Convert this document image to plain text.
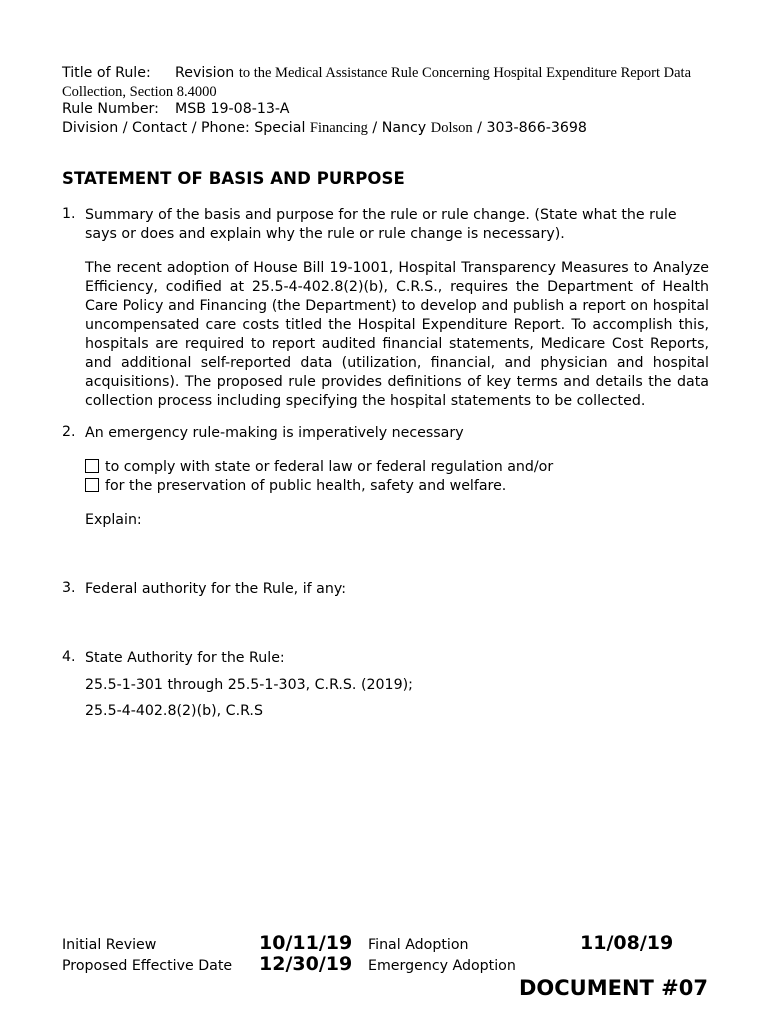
Title of Rule: Revision to the Medical Assistance Rule Concerning Hospital Expenditure Report Data
Collection, Section 8.4000
Rule Number: MSB 19-08-13-A
Division / Contact / Phone: Special Financing / Nancy Dolson / 303-866-3698
STATEMENT OF BASIS AND PURPOSE
1. Summary of the basis and purpose for the rule or rule change. (State what the rule says or does and explain why the rule or rule change is necessary).
The recent adoption of House Bill 19-1001, Hospital Transparency Measures to Analyze Efficiency, codified at 25.5-4-402.8(2)(b), C.R.S., requires the Department of Health Care Policy and Financing (the Department) to develop and publish a report on hospital uncompensated care costs titled the Hospital Expenditure Report. To accomplish this, hospitals are required to report audited financial statements, Medicare Cost Reports, and additional self-reported data (utilization, financial, and physician and hospital acquisitions). The proposed rule provides definitions of key terms and details the data collection process including specifying the hospital statements to be collected.
2. An emergency rule-making is imperatively necessary
to comply with state or federal law or federal regulation and/or
for the preservation of public health, safety and welfare.
Explain:
3. Federal authority for the Rule, if any:
4. State Authority for the Rule:
25.5-1-301 through 25.5-1-303, C.R.S. (2019);
25.5-4-402.8(2)(b), C.R.S
Initial Review	10/11/19 Final Adoption	11/08/19
Proposed Effective Date 12/30/19 Emergency Adoption
DOCUMENT #07
